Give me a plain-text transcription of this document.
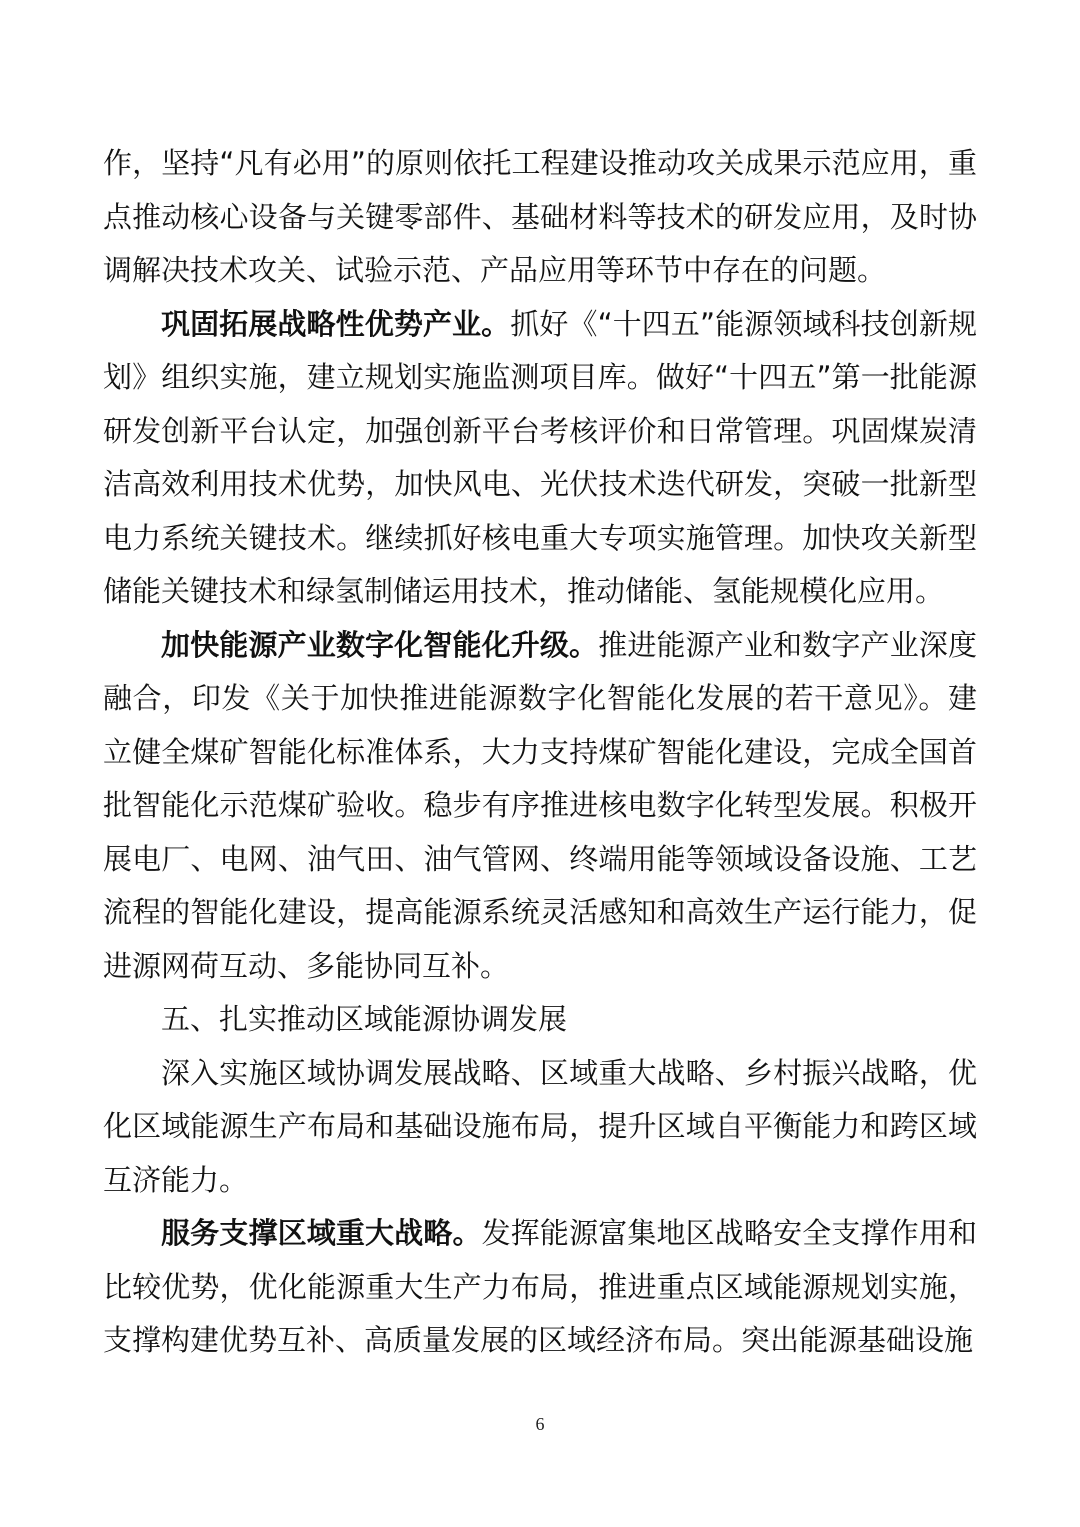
作，坚持“凡有必用”的原则依托工程建设推动攻关成果示范应用，重点推动核心设备与关键零部件、基础材料等技术的研发应用，及时协调解决技术攻关、试验示范、产品应用等环节中存在的问题。

巩固拓展战略性优势产业。抓好《“十四五”能源领域科技创新规划》组织实施，建立规划实施监测项目库。做好“十四五”第一批能源研发创新平台认定，加强创新平台考核评价和日常管理。巩固煤炭清洁高效利用技术优势，加快风电、光伏技术迭代研发，突破一批新型电力系统关键技术。继续抓好核电重大专项实施管理。加快攻关新型储能关键技术和绿氢制储运用技术，推动储能、氢能规模化应用。

加快能源产业数字化智能化升级。推进能源产业和数字产业深度融合，印发《关于加快推进能源数字化智能化发展的若干意见》。建立健全煤矿智能化标准体系，大力支持煤矿智能化建设，完成全国首批智能化示范煤矿验收。稳步有序推进核电数字化转型发展。积极开展电厂、电网、油气田、油气管网、终端用能等领域设备设施、工艺流程的智能化建设，提高能源系统灵活感知和高效生产运行能力，促进源网荷互动、多能协同互补。

五、扎实推动区域能源协调发展

深入实施区域协调发展战略、区域重大战略、乡村振兴战略，优化区域能源生产布局和基础设施布局，提升区域自平衡能力和跨区域互济能力。

服务支撑区域重大战略。发挥能源富集地区战略安全支撑作用和比较优势，优化能源重大生产力布局，推进重点区域能源规划实施，支撑构建优势互补、高质量发展的区域经济布局。突出能源基础设施

6
